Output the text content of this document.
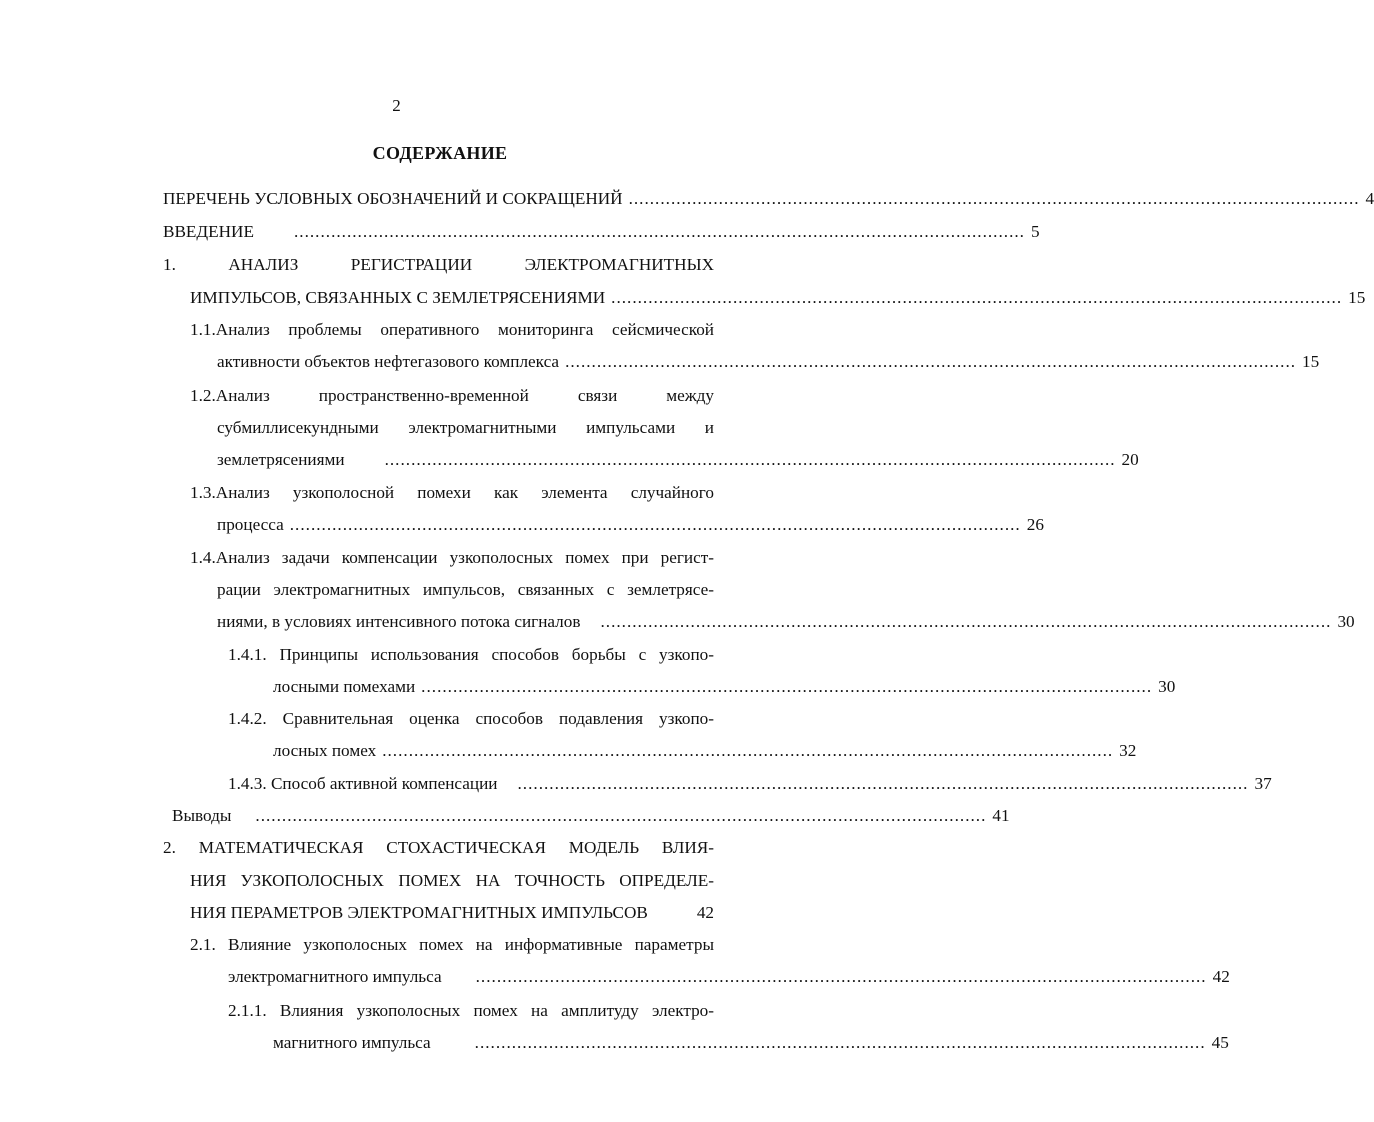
2
СОДЕРЖАНИЕ
ПЕРЕЧЕНЬ УСЛОВНЫХ ОБОЗНАЧЕНИЙ И СОКРАЩЕНИЙ .......................................................................................................................................... 4
ВВЕДЕНИЕ	.......................................................................................................................................... 5
1. АНАЛИЗ РЕГИСТРАЦИИ ЭЛЕКТРОМАГНИТНЫХ
ИМПУЛЬСОВ, СВЯЗАННЫХ С ЗЕМЛЕТРЯСЕНИЯМИ .......................................................................................................................................... 15
1.1.Анализ проблемы оперативного мониторинга сейсмической
активности объектов нефтегазового комплекса .......................................................................................................................................... 15
1.2.Анализ пространственно-временной связи между
субмиллисекундными электромагнитными импульсами и
землетрясениями	.......................................................................................................................................... 20
1.3.Анализ узкополосной помехи как элемента случайного
процесса .......................................................................................................................................... 26
1.4.Анализ задачи компенсации узкополосных помех при регист-
рации электромагнитных импульсов, связанных с землетрясе-
ниями, в условиях интенсивного потока сигналов	.......................................................................................................................................... 30
1.4.1. Принципы использования способов борьбы с узкопо-
лосными помехами .......................................................................................................................................... 30
1.4.2. Сравнительная оценка способов подавления узкопо-
лосных помех .......................................................................................................................................... 32
1.4.3. Способ активной компенсации	.......................................................................................................................................... 37
Выводы	.......................................................................................................................................... 41
2. МАТЕМАТИЧЕСКАЯ СТОХАСТИЧЕСКАЯ МОДЕЛЬ ВЛИЯ-
НИЯ УЗКОПОЛОСНЫХ ПОМЕХ НА ТОЧНОСТЬ ОПРЕДЕЛЕ-
НИЯ ПЕРАМЕТРОВ ЭЛЕКТРОМАГНИТНЫХ ИМПУЛЬСОВ	42
2.1. Влияние узкополосных помех на информативные параметры
электромагнитного импульса	.......................................................................................................................................... 42
2.1.1. Влияния узкополосных помех на амплитуду электро-
магнитного импульса	.......................................................................................................................................... 45
